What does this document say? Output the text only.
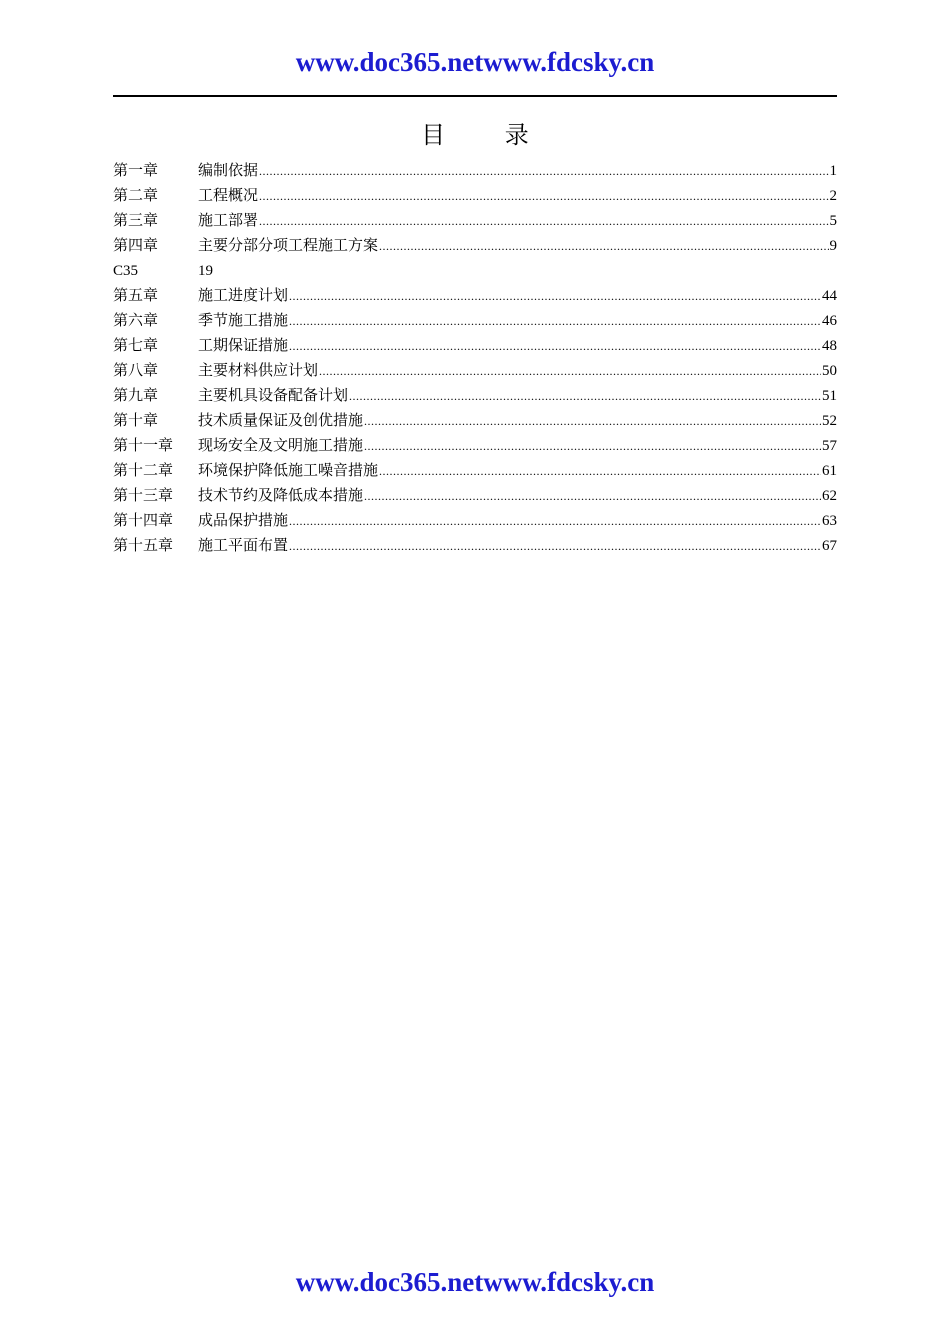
www.doc365.netwww.fdcsky.cn
目 录
第一章	编制依据 .....	1
第二章	工程概况 .....	2
第三章	施工部署 .....	5
第四章	主要分部分项工程施工方案 .....	9
C35	19
第五章	施工进度计划 .....	44
第六章	季节施工措施 .....	46
第七章	工期保证措施 .....	48
第八章	主要材料供应计划 .....	50
第九章	主要机具设备配备计划 .....	51
第十章	技术质量保证及创优措施 .....	52
第十一章	现场安全及文明施工措施 .....	57
第十二章	环境保护降低施工噪音措施 .....	61
第十三章	技术节约及降低成本措施 .....	62
第十四章	成品保护措施 .....	63
第十五章	施工平面布置 .....	67
www.doc365.netwww.fdcsky.cn
